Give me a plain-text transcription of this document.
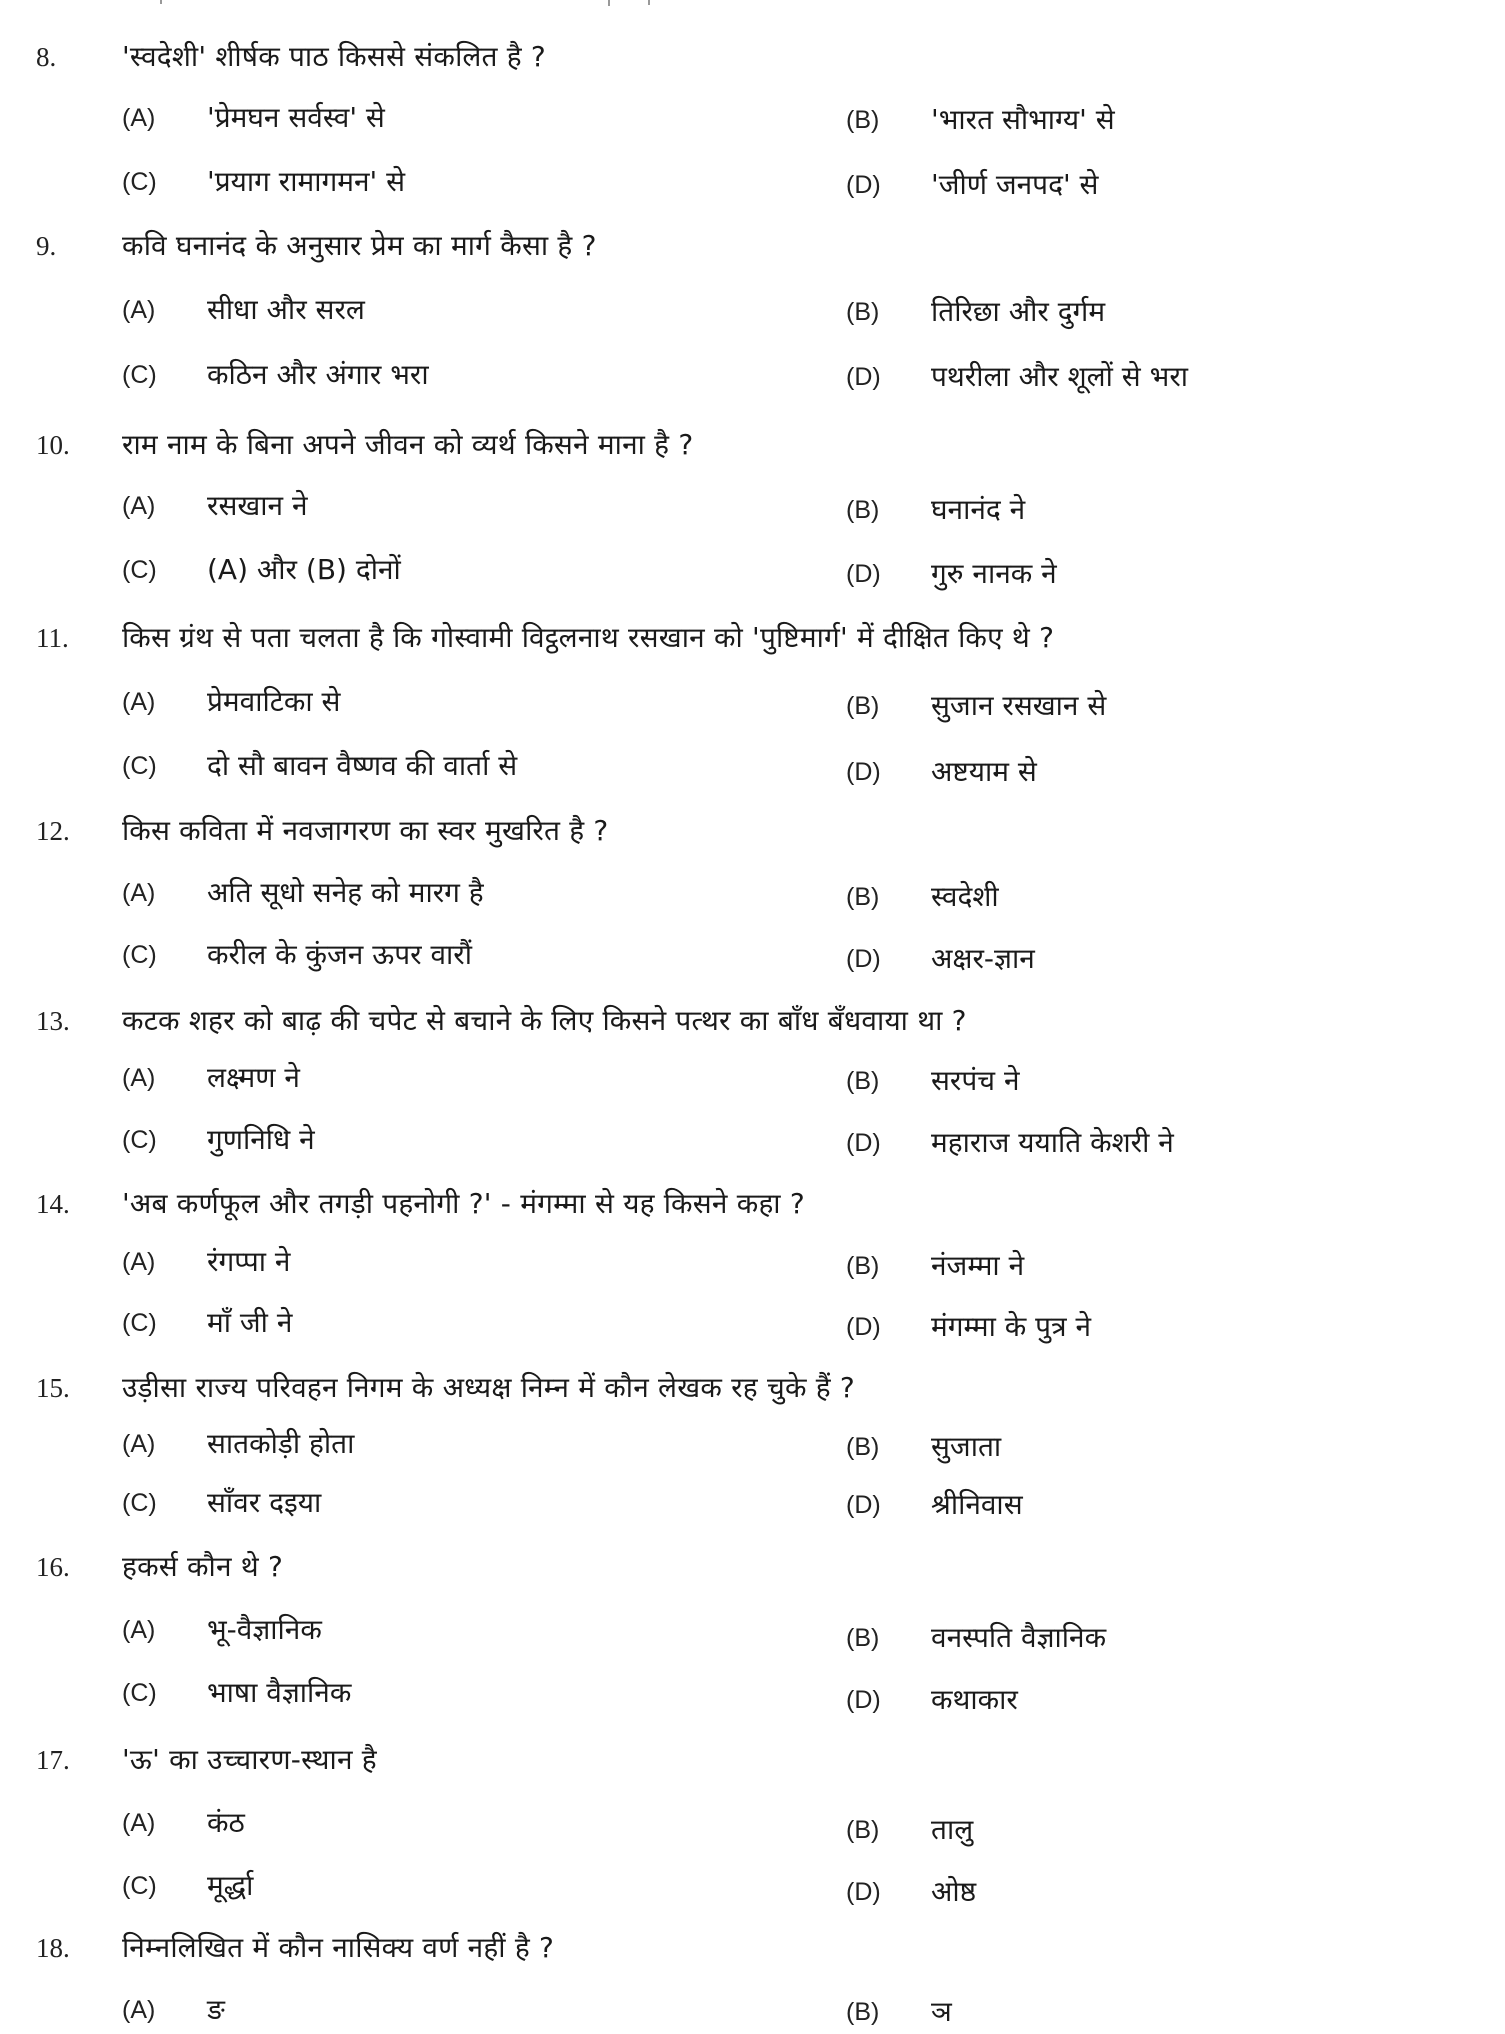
8. 'स्वदेशी' शीर्षक पाठ किससे संकलित है ?
(A) 'प्रेमघन सर्वस्व' से	(B) 'भारत सौभाग्य' से
(C) 'प्रयाग रामागमन' से	(D) 'जीर्ण जनपद' से
9. कवि घनानंद के अनुसार प्रेम का मार्ग कैसा है ?
(A) सीधा और सरल	(B) तिरिछा और दुर्गम
(C) कठिन और अंगार भरा	(D) पथरीला और शूलों से भरा
10. राम नाम के बिना अपने जीवन को व्यर्थ किसने माना है ?
(A) रसखान ने	(B) घनानंद ने
(C) (A) और (B) दोनों	(D) गुरु नानक ने
11. किस ग्रंथ से पता चलता है कि गोस्वामी विट्ठलनाथ रसखान को 'पुष्टिमार्ग' में दीक्षित किए थे ?
(A) प्रेमवाटिका से	(B) सुजान रसखान से
(C) दो सौ बावन वैष्णव की वार्ता से	(D) अष्टयाम से
12. किस कविता में नवजागरण का स्वर मुखरित है ?
(A) अति सूधो सनेह को मारग है	(B) स्वदेशी
(C) करील के कुंजन ऊपर वारौं	(D) अक्षर-ज्ञान
13. कटक शहर को बाढ़ की चपेट से बचाने के लिए किसने पत्थर का बाँध बँधवाया था ?
(A) लक्ष्मण ने	(B) सरपंच ने
(C) गुणनिधि ने	(D) महाराज ययाति केशरी ने
14. 'अब कर्णफूल और तगड़ी पहनोगी ?' - मंगम्मा से यह किसने कहा ?
(A) रंगप्पा ने	(B) नंजम्मा ने
(C) माँ जी ने	(D) मंगम्मा के पुत्र ने
15. उड़ीसा राज्य परिवहन निगम के अध्यक्ष निम्न में कौन लेखक रह चुके हैं ?
(A) सातकोड़ी होता	(B) सुजाता
(C) साँवर दइया	(D) श्रीनिवास
16. हकर्स कौन थे ?
(A) भू-वैज्ञानिक	(B) वनस्पति वैज्ञानिक
(C) भाषा वैज्ञानिक	(D) कथाकार
17. 'ऊ' का उच्चारण-स्थान है
(A) कंठ	(B) तालु
(C) मूर्द्धा	(D) ओष्ठ
18. निम्नलिखित में कौन नासिक्य वर्ण नहीं है ?
(A) ङ	(B) ञ
